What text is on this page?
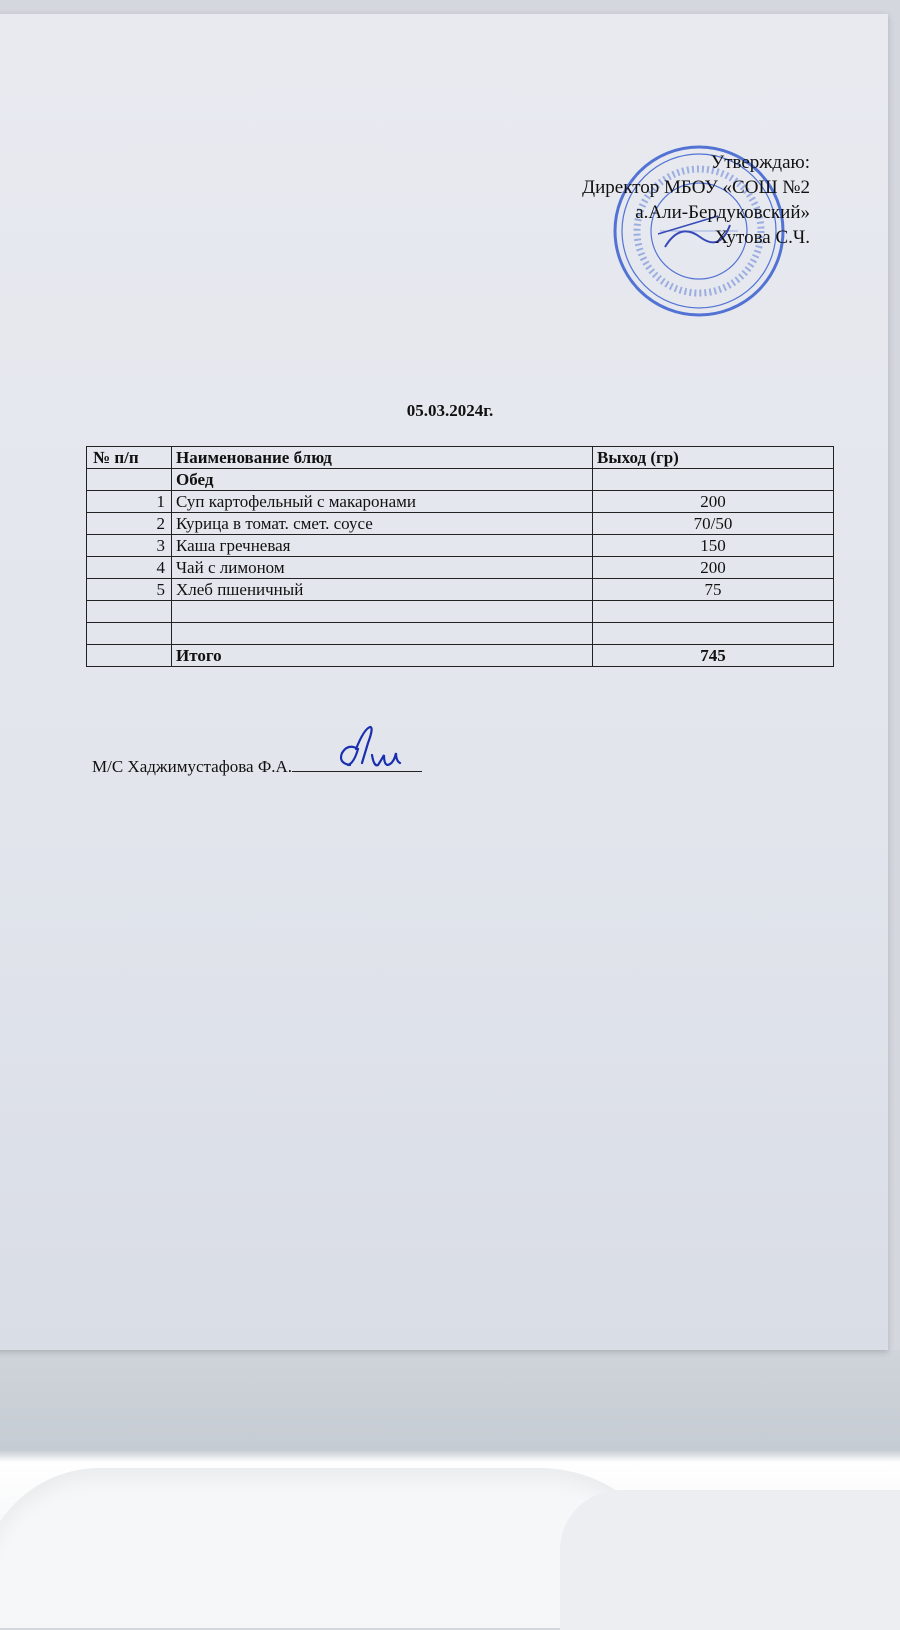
Утверждаю:
Директор МБОУ «СОШ №2
а.Али-Бердуковский»
Хутова С.Ч.
05.03.2024г.
№ п/п	Наименование блюд	Выход (гр)
	Обед	
1	Суп картофельный с макаронами	200
2	Курица в томат. смет. соусе	70/50
3	Каша гречневая	150
4	Чай с лимоном	200
5	Хлеб пшеничный	75

	Итого	745
М/С Хаджимустафова Ф.А.
